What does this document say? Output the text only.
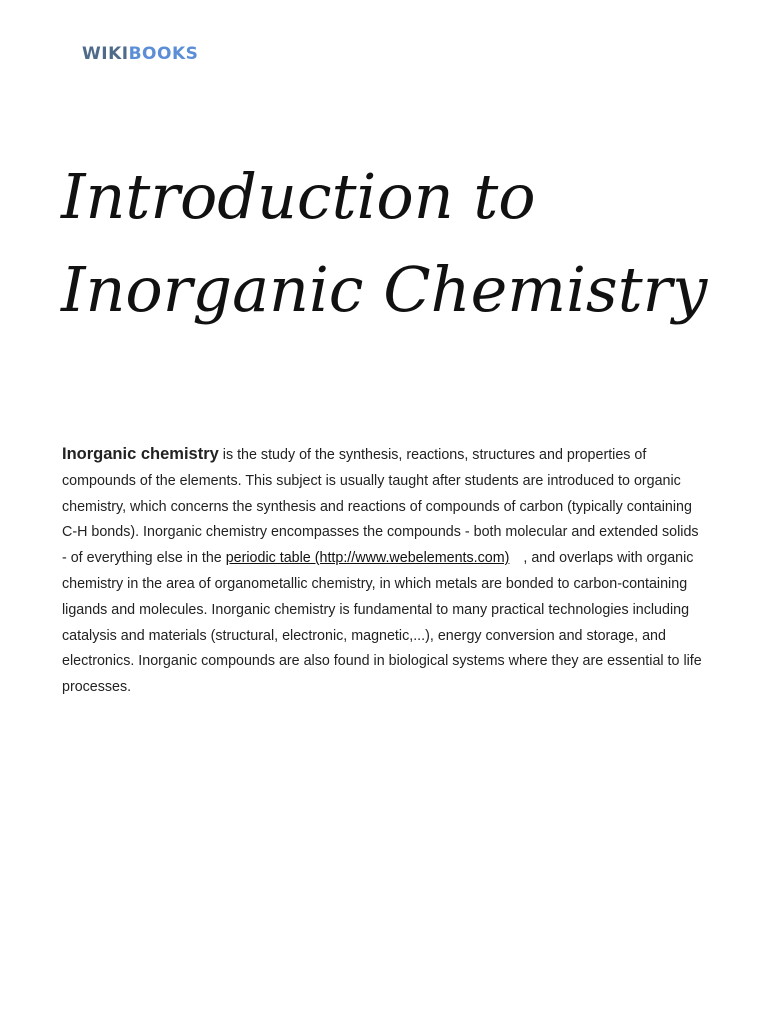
WIKIBOOKS
Introduction to
Inorganic Chemistry

Inorganic chemistry is the study of the synthesis, reactions, structures and properties of compounds of the elements. This subject is usually taught after students are introduced to organic chemistry, which concerns the synthesis and reactions of compounds of carbon (typically containing C-H bonds). Inorganic chemistry encompasses the compounds - both molecular and extended solids - of everything else in the periodic table (http://www.webelements.com) , and overlaps with organic chemistry in the area of organometallic chemistry, in which metals are bonded to carbon-containing ligands and molecules. Inorganic chemistry is fundamental to many practical technologies including catalysis and materials (structural, electronic, magnetic,...), energy conversion and storage, and electronics. Inorganic compounds are also found in biological systems where they are essential to life processes.
